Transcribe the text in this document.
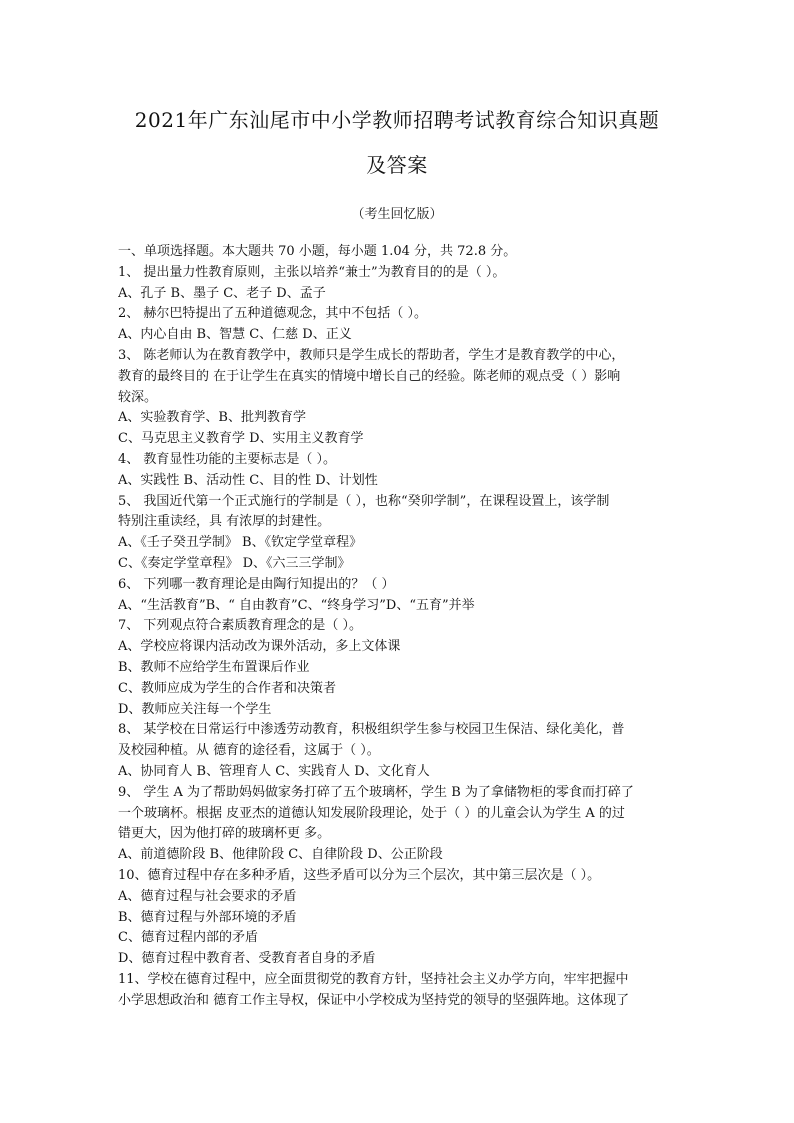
2021年广东汕尾市中小学教师招聘考试教育综合知识真题
及答案
（考生回忆版）
一、单项选择题。本大题共 70 小题，每小题 1.04 分，共 72.8 分。
1、 提出量力性教育原则，主张以培养“兼士”为教育目的的是（ ）。
A、孔子 B、墨子 C、老子 D、孟子
2、 赫尔巴特提出了五种道德观念，其中不包括（ ）。
A、内心自由 B、智慧 C、仁慈 D、正义
3、 陈老师认为在教育教学中，教师只是学生成长的帮助者，学生才是教育教学的中心，
教育的最终目的 在于让学生在真实的情境中增长自己的经验。陈老师的观点受（ ）影响
较深。
A、实验教育学、B、批判教育学
C、马克思主义教育学 D、实用主义教育学
4、 教育显性功能的主要标志是（ ）。
A、实践性 B、活动性 C、目的性 D、计划性
5、 我国近代第一个正式施行的学制是（ ），也称“癸卯学制”，在课程设置上，该学制
特别注重读经，具 有浓厚的封建性。
A、《壬子癸丑学制》 B、《钦定学堂章程》
C、《奏定学堂章程》 D、《六三三学制》
6、 下列哪一教育理论是由陶行知提出的？（ ）
A、“生活教育”B、“ 自由教育”C、“终身学习”D、“五育”并举
7、 下列观点符合素质教育理念的是（ ）。
A、学校应将课内活动改为课外活动，多上文体课
B、教师不应给学生布置课后作业
C、教师应成为学生的合作者和决策者
D、教师应关注每一个学生
8、 某学校在日常运行中渗透劳动教育，积极组织学生参与校园卫生保洁、绿化美化，普
及校园种植。从 德育的途径看，这属于（ ）。
A、协同育人 B、管理育人 C、实践育人 D、文化育人
9、 学生 A 为了帮助妈妈做家务打碎了五个玻璃杯，学生 B 为了拿储物柜的零食而打碎了
一个玻璃杯。根据 皮亚杰的道德认知发展阶段理论，处于（ ）的儿童会认为学生 A 的过
错更大，因为他打碎的玻璃杯更 多。
A、前道德阶段 B、他律阶段 C、自律阶段 D、公正阶段
10、德育过程中存在多种矛盾，这些矛盾可以分为三个层次，其中第三层次是（ ）。
A、德育过程与社会要求的矛盾
B、德育过程与外部环境的矛盾
C、德育过程内部的矛盾
D、德育过程中教育者、受教育者自身的矛盾
11、学校在德育过程中，应全面贯彻党的教育方针，坚持社会主义办学方向，牢牢把握中
小学思想政治和 德育工作主导权，保证中小学校成为坚持党的领导的坚强阵地。这体现了
